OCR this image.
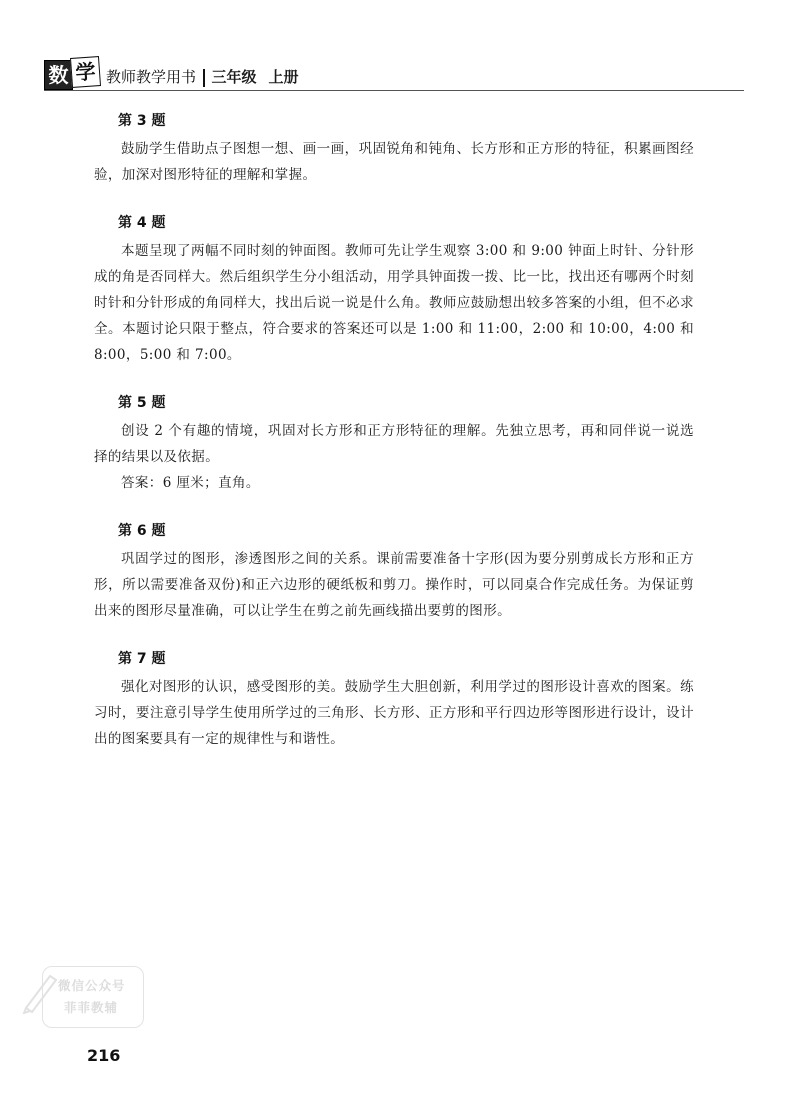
数 学 教师教学用书 三年级 上册
第 3 题

鼓励学生借助点子图想一想、画一画，巩固锐角和钝角、长方形和正方形的特征，积累画图经验，加深对图形特征的理解和掌握。

第 4 题

本题呈现了两幅不同时刻的钟面图。教师可先让学生观察 3:00 和 9:00 钟面上时针、分针形成的角是否同样大。然后组织学生分小组活动，用学具钟面拨一拨、比一比，找出还有哪两个时刻时针和分针形成的角同样大，找出后说一说是什么角。教师应鼓励想出较多答案的小组，但不必求全。本题讨论只限于整点，符合要求的答案还可以是 1:00 和 11:00，2:00 和 10:00，4:00 和 8:00，5:00 和 7:00。

第 5 题

创设 2 个有趣的情境，巩固对长方形和正方形特征的理解。先独立思考，再和同伴说一说选择的结果以及依据。

答案：6 厘米；直角。

第 6 题

巩固学过的图形，渗透图形之间的关系。课前需要准备十字形(因为要分别剪成长方形和正方形，所以需要准备双份)和正六边形的硬纸板和剪刀。操作时，可以同桌合作完成任务。为保证剪出来的图形尽量准确，可以让学生在剪之前先画线描出要剪的图形。

第 7 题

强化对图形的认识，感受图形的美。鼓励学生大胆创新，利用学过的图形设计喜欢的图案。练习时，要注意引导学生使用所学过的三角形、长方形、正方形和平行四边形等图形进行设计，设计出的图案要具有一定的规律性与和谐性。

微信公众号
菲菲教辅
216
